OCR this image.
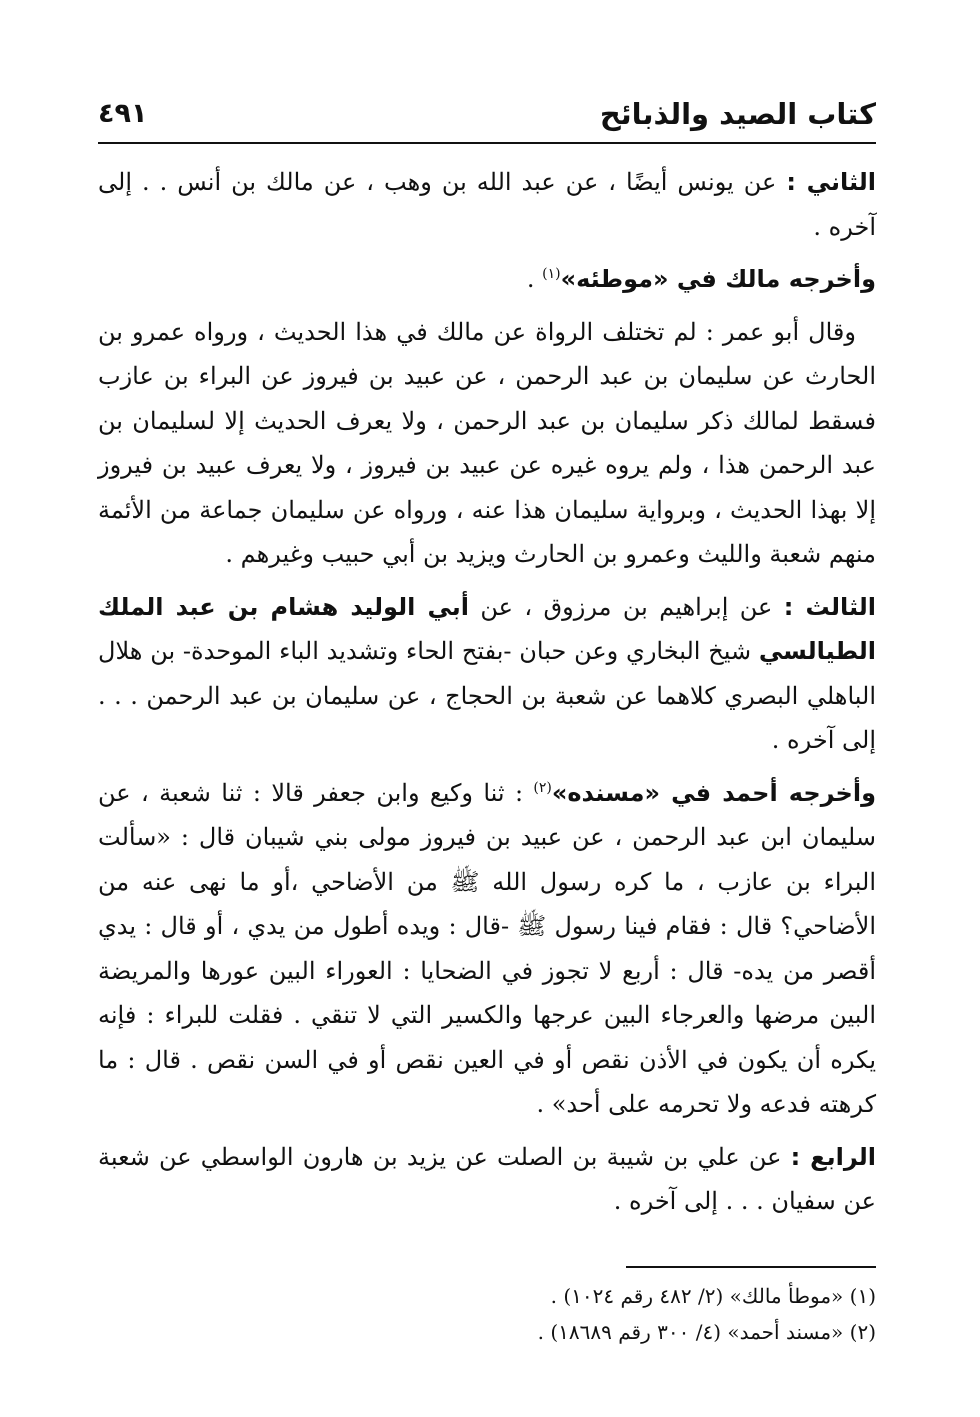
كتاب الصيد والذبائح
٤٩١

الثاني : عن يونس أيضًا ، عن عبد الله بن وهب ، عن مالك بن أنس . . إلى آخره .

وأخرجه مالك في «موطئه»$^{(١)}$ .

وقال أبو عمر : لم تختلف الرواة عن مالك في هذا الحديث ، ورواه عمرو بن الحارث عن سليمان بن عبد الرحمن ، عن عبيد بن فيروز عن البراء بن عازب فسقط لمالك ذكر سليمان بن عبد الرحمن ، ولا يعرف الحديث إلا لسليمان بن عبد الرحمن هذا ، ولم يروه غيره عن عبيد بن فيروز ، ولا يعرف عبيد بن فيروز إلا بهذا الحديث ، وبرواية سليمان هذا عنه ، ورواه عن سليمان جماعة من الأئمة منهم شعبة والليث وعمرو بن الحارث ويزيد بن أبي حبيب وغيرهم .

الثالث : عن إبراهيم بن مرزوق ، عن أبي الوليد هشام بن عبد الملك الطيالسي شيخ البخاري وعن حبان -بفتح الحاء وتشديد الباء الموحدة- بن هلال الباهلي البصري كلاهما عن شعبة بن الحجاج ، عن سليمان بن عبد الرحمن . . . إلى آخره .

وأخرجه أحمد في «مسنده»$^{(٢)}$ : ثنا وكيع وابن جعفر قالا : ثنا شعبة ، عن سليمان ابن عبد الرحمن ، عن عبيد بن فيروز مولى بني شيبان قال : «سألت البراء بن عازب ، ما كره رسول الله ﷺ من الأضاحي ،أو ما نهى عنه من الأضاحي؟ قال : فقام فينا رسول ﷺ -قال : ويده أطول من يدي ، أو قال : يدي أقصر من يده- قال : أربع لا تجوز في الضحايا : العوراء البين عورها والمريضة البين مرضها والعرجاء البين عرجها والكسير التي لا تنقي . فقلت للبراء : فإنه يكره أن يكون في الأذن نقص أو في العين نقص أو في السن نقص . قال : ما كرهته فدعه ولا تحرمه على أحد» .

الرابع : عن علي بن شيبة بن الصلت عن يزيد بن هارون الواسطي عن شعبة عن سفيان . . . إلى آخره .

(١) «موطأ مالك» (٢/ ٤٨٢ رقم ١٠٢٤) .

(٢) «مسند أحمد» (٤/ ٣٠٠ رقم ١٨٦٨٩) .
